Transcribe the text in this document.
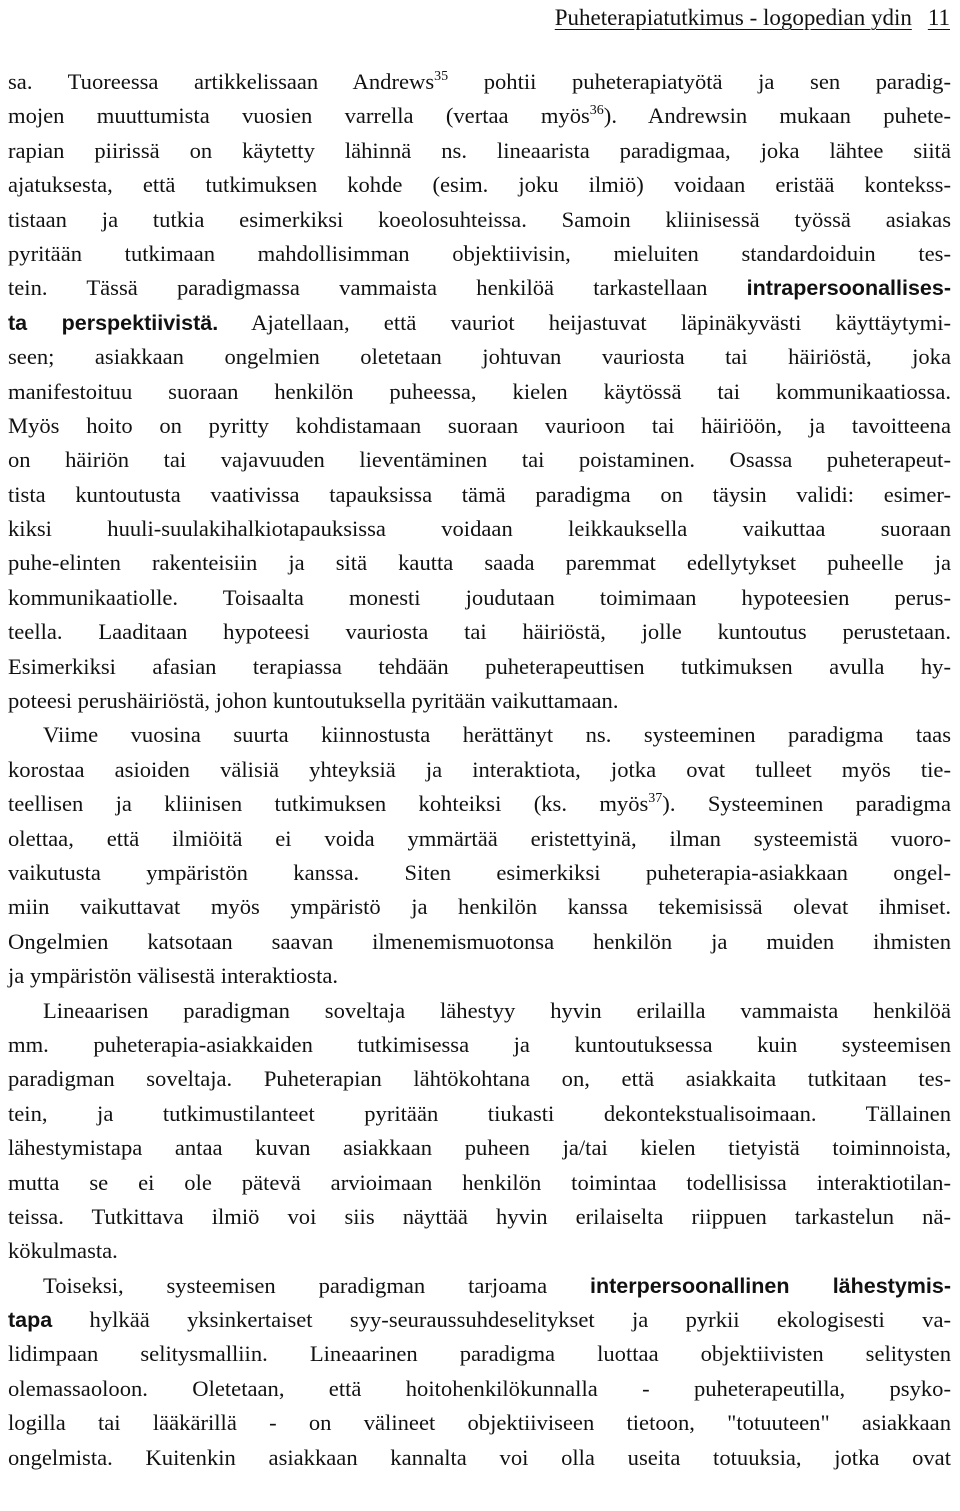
Puheterapiatutkimus - logopedian ydin 11
sa. Tuoreessa artikkelissaan Andrews$^{35}$ pohtii puheterapiatyötä ja sen paradig-
mojen muuttumista vuosien varrella (vertaa myös$^{36}$). Andrewsin mukaan puhete-
rapian piirissä on käytetty lähinnä ns. lineaarista paradigmaa, joka lähtee siitä
ajatuksesta, että tutkimuksen kohde (esim. joku ilmiö) voidaan eristää kontekss-
tistaan ja tutkia esimerkiksi koeolosuhteissa. Samoin kliinisessä työssä asiakas
pyritään tutkimaan mahdollisimman objektiivisin, mieluiten standardoiduin tes-
tein. Tässä paradigmassa vammaista henkilöä tarkastellaan intrapersoonallises-
ta perspektiivistä. Ajatellaan, että vauriot heijastuvat läpinäkyvästi käyttäytymi-
seen; asiakkaan ongelmien oletetaan johtuvan vauriosta tai häiriöstä, joka
manifestoituu suoraan henkilön puheessa, kielen käytössä tai kommunikaatiossa.
Myös hoito on pyritty kohdistamaan suoraan vaurioon tai häiriöön, ja tavoitteena
on häiriön tai vajavuuden lieventäminen tai poistaminen. Osassa puheterapeut-
tista kuntoutusta vaativissa tapauksissa tämä paradigma on täysin validi: esimer-
kiksi huuli-suulakihalkiotapauksissa voidaan leikkauksella vaikuttaa suoraan
puhe-elinten rakenteisiin ja sitä kautta saada paremmat edellytykset puheelle ja
kommunikaatiolle. Toisaalta monesti joudutaan toimimaan hypoteesien perus-
teella. Laaditaan hypoteesi vauriosta tai häiriöstä, jolle kuntoutus perustetaan.
Esimerkiksi afasian terapiassa tehdään puheterapeuttisen tutkimuksen avulla hy-
poteesi perushäiriöstä, johon kuntoutuksella pyritään vaikuttamaan.
Viime vuosina suurta kiinnostusta herättänyt ns. systeeminen paradigma taas
korostaa asioiden välisiä yhteyksiä ja interaktiota, jotka ovat tulleet myös tie-
teellisen ja kliinisen tutkimuksen kohteiksi (ks. myös$^{37}$). Systeeminen paradigma
olettaa, että ilmiöitä ei voida ymmärtää eristettyinä, ilman systeemistä vuoro-
vaikutusta ympäristön kanssa. Siten esimerkiksi puheterapia-asiakkaan ongel-
miin vaikuttavat myös ympäristö ja henkilön kanssa tekemisissä olevat ihmiset.
Ongelmien katsotaan saavan ilmenemismuotonsa henkilön ja muiden ihmisten
ja ympäristön välisestä interaktiosta.
Lineaarisen paradigman soveltaja lähestyy hyvin erilailla vammaista henkilöä
mm. puheterapia-asiakkaiden tutkimisessa ja kuntoutuksessa kuin systeemisen
paradigman soveltaja. Puheterapian lähtökohtana on, että asiakkaita tutkitaan tes-
tein, ja tutkimustilanteet pyritään tiukasti dekontekstualisoimaan. Tällainen
lähestymistapa antaa kuvan asiakkaan puheen ja/tai kielen tietyistä toiminnoista,
mutta se ei ole pätevä arvioimaan henkilön toimintaa todellisissa interaktiotilan-
teissa. Tutkittava ilmiö voi siis näyttää hyvin erilaiselta riippuen tarkastelun nä-
kökulmasta.
Toiseksi, systeemisen paradigman tarjoama interpersoonallinen lähestymis-
tapa hylkää yksinkertaiset syy-seuraussuhdeselitykset ja pyrkii ekologisesti va-
lidimpaan selitysmalliin. Lineaarinen paradigma luottaa objektiivisten selitysten
olemassaoloon. Oletetaan, että hoitohenkilökunnalla - puheterapeutilla, psyko-
logilla tai lääkärillä - on välineet objektiiviseen tietoon, "totuuteen" asiakkaan
ongelmista. Kuitenkin asiakkaan kannalta voi olla useita totuuksia, jotka ovat
